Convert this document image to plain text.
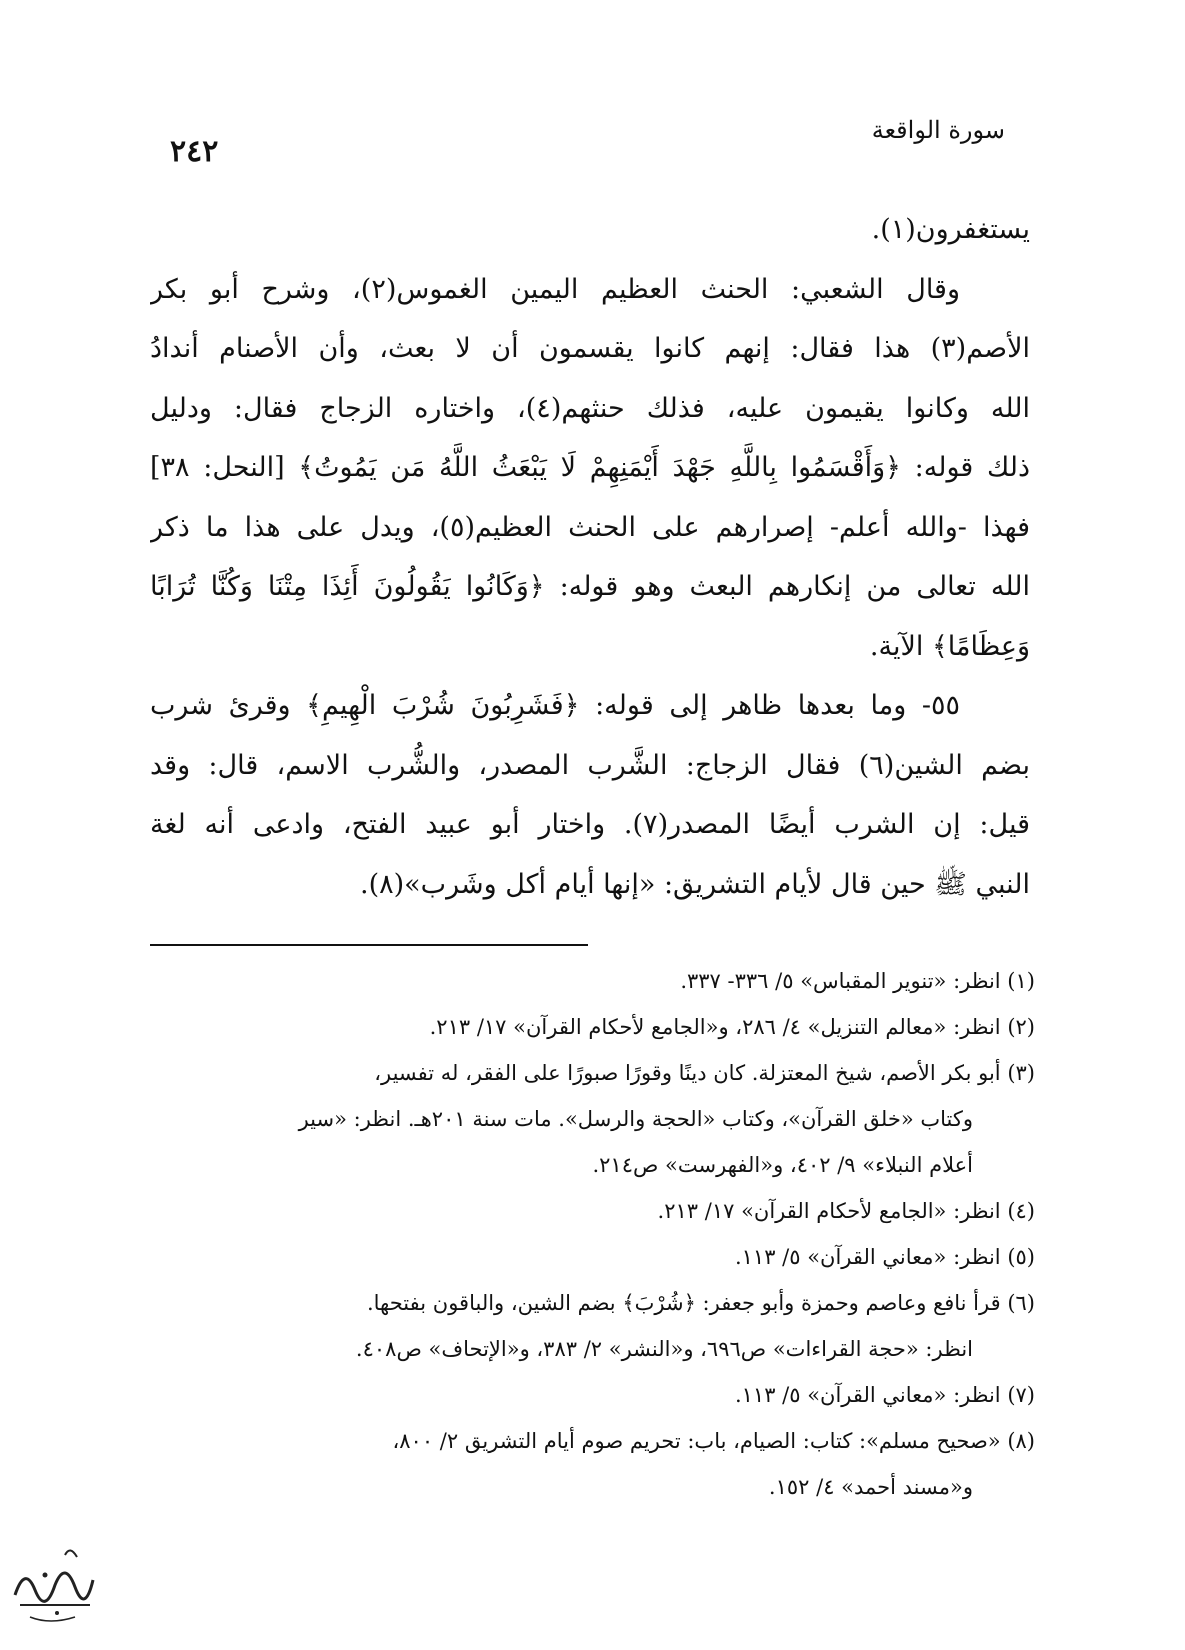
٢٤٢
سورة الواقعة
يستغفرون(١).
وقال الشعبي: الحنث العظيم اليمين الغموس(٢)، وشرح أبو بكر
الأصم(٣) هذا فقال: إنهم كانوا يقسمون أن لا بعث، وأن الأصنام أندادُ
الله وكانوا يقيمون عليه، فذلك حنثهم(٤)، واختاره الزجاج فقال: ودليل
ذلك قوله: ﴿وَأَقْسَمُوا بِاللَّهِ جَهْدَ أَيْمَنِهِمْ لَا يَبْعَثُ اللَّهُ مَن يَمُوتُ﴾ [النحل: ٣٨]
فهذا -والله أعلم- إصرارهم على الحنث العظيم(٥)، ويدل على هذا ما ذكر
الله تعالى من إنكارهم البعث وهو قوله: ﴿وَكَانُوا يَقُولُونَ أَئِذَا مِتْنَا وَكُنَّا تُرَابًا
وَعِظَامًا﴾ الآية.
٥٥- وما بعدها ظاهر إلى قوله: ﴿فَشَرِبُونَ شُرْبَ الْهِيمِ﴾ وقرئ شرب
بضم الشين(٦) فقال الزجاج: الشَّرب المصدر، والشُّرب الاسم، قال: وقد
قيل: إن الشرب أيضًا المصدر(٧). واختار أبو عبيد الفتح، وادعى أنه لغة
النبي ﷺ حين قال لأيام التشريق: «إنها أيام أكل وشَرب»(٨).
(١) انظر: «تنوير المقباس» ٥/ ٣٣٦- ٣٣٧.
(٢) انظر: «معالم التنزيل» ٤/ ٢٨٦، و«الجامع لأحكام القرآن» ١٧/ ٢١٣.
(٣) أبو بكر الأصم، شيخ المعتزلة. كان دينًا وقورًا صبورًا على الفقر، له تفسير،
وكتاب «خلق القرآن»، وكتاب «الحجة والرسل». مات سنة ٢٠١هـ. انظر: «سير
أعلام النبلاء» ٩/ ٤٠٢، و«الفهرست» ص٢١٤.
(٤) انظر: «الجامع لأحكام القرآن» ١٧/ ٢١٣.
(٥) انظر: «معاني القرآن» ٥/ ١١٣.
(٦) قرأ نافع وعاصم وحمزة وأبو جعفر: ﴿شُرْبَ﴾ بضم الشين، والباقون بفتحها.
انظر: «حجة القراءات» ص٦٩٦، و«النشر» ٢/ ٣٨٣، و«الإتحاف» ص٤٠٨.
(٧) انظر: «معاني القرآن» ٥/ ١١٣.
(٨) «صحيح مسلم»: كتاب: الصيام، باب: تحريم صوم أيام التشريق ٢/ ٨٠٠،
و«مسند أحمد» ٤/ ١٥٢.
